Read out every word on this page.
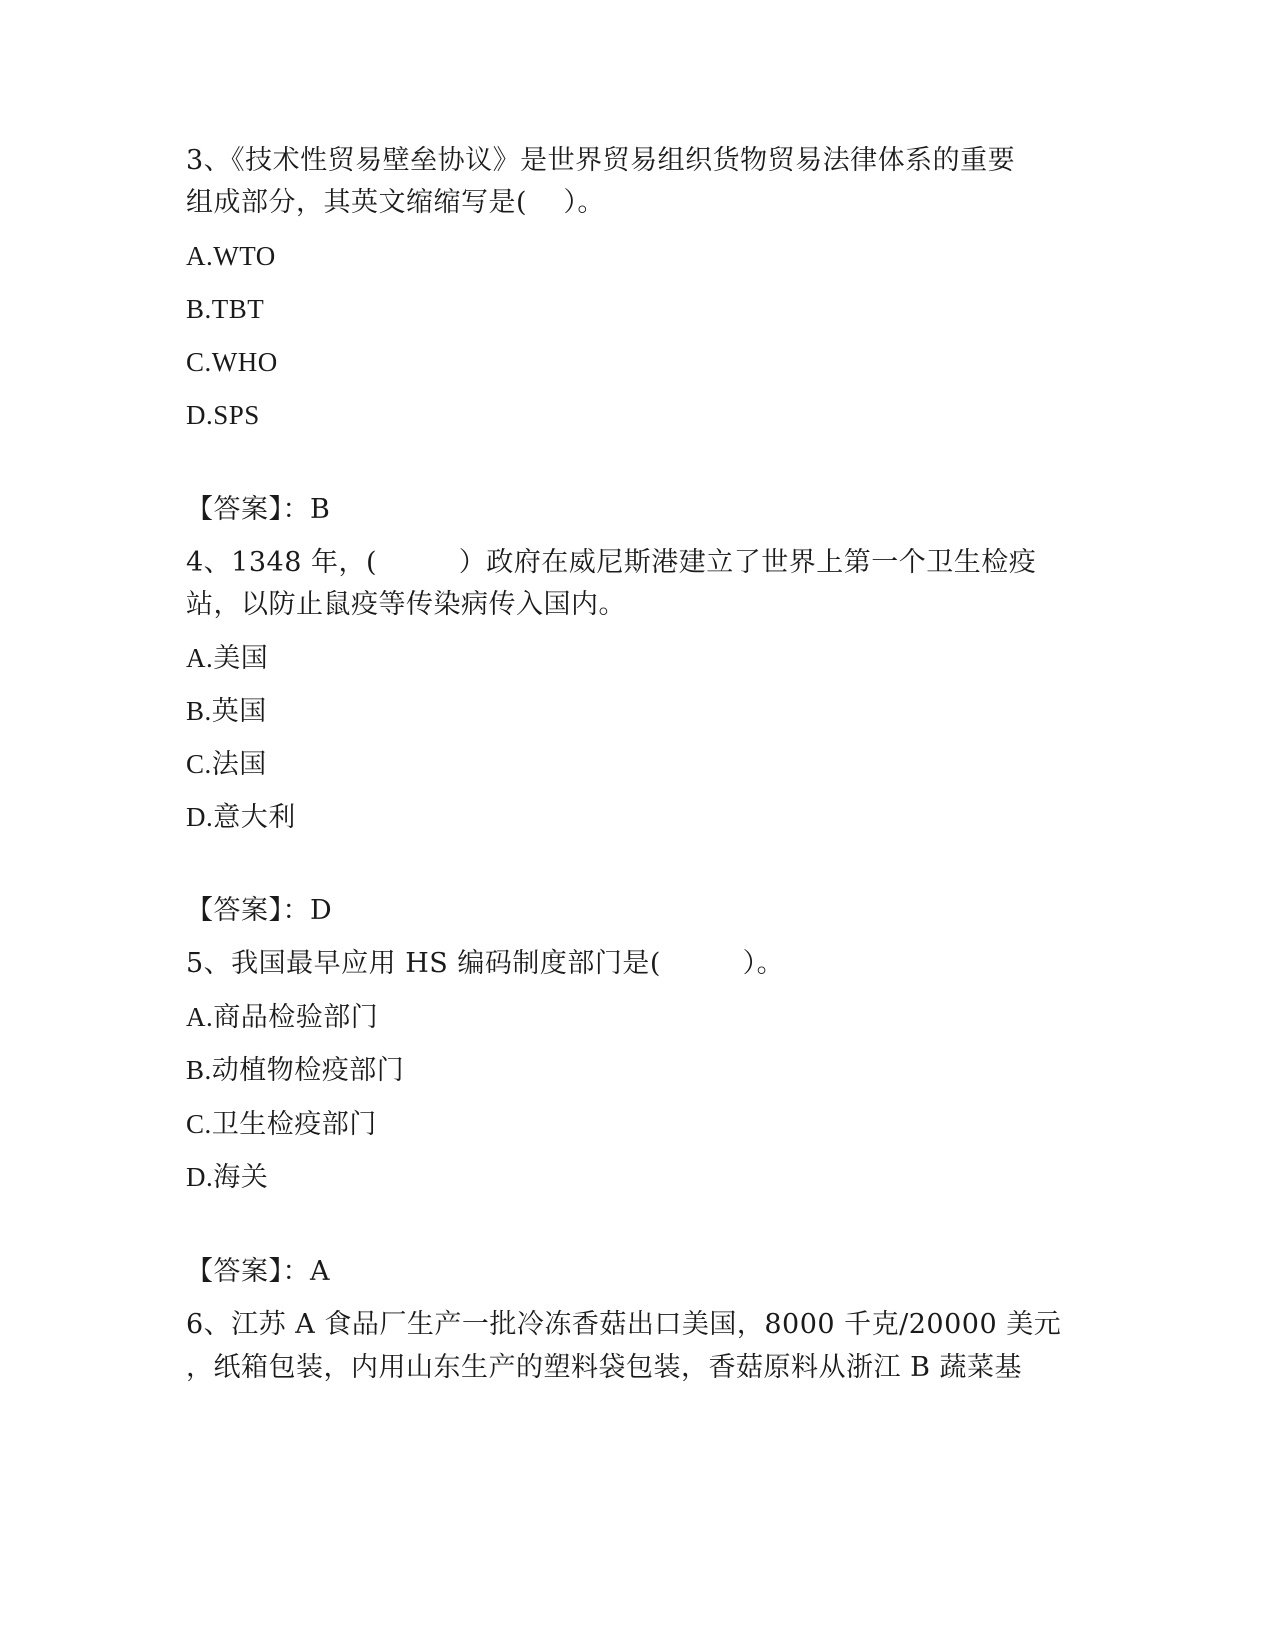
3、《技术性贸易壁垒协议》是世界贸易组织货物贸易法律体系的重要
组成部分，其英文缩缩写是(    ）。
A.WTO
B.TBT
C.WHO
D.SPS
【答案】：B
4、1348 年，(         ）政府在威尼斯港建立了世界上第一个卫生检疫
站，以防止鼠疫等传染病传入国内。
A.美国
B.英国
C.法国
D.意大利
【答案】：D
5、我国最早应用 HS 编码制度部门是(         ）。
A.商品检验部门
B.动植物检疫部门
C.卫生检疫部门
D.海关
【答案】：A
6、江苏 A 食品厂生产一批冷冻香菇出口美国，8000 千克/20000 美元
，纸箱包装，内用山东生产的塑料袋包装，香菇原料从浙江 B 蔬菜基
